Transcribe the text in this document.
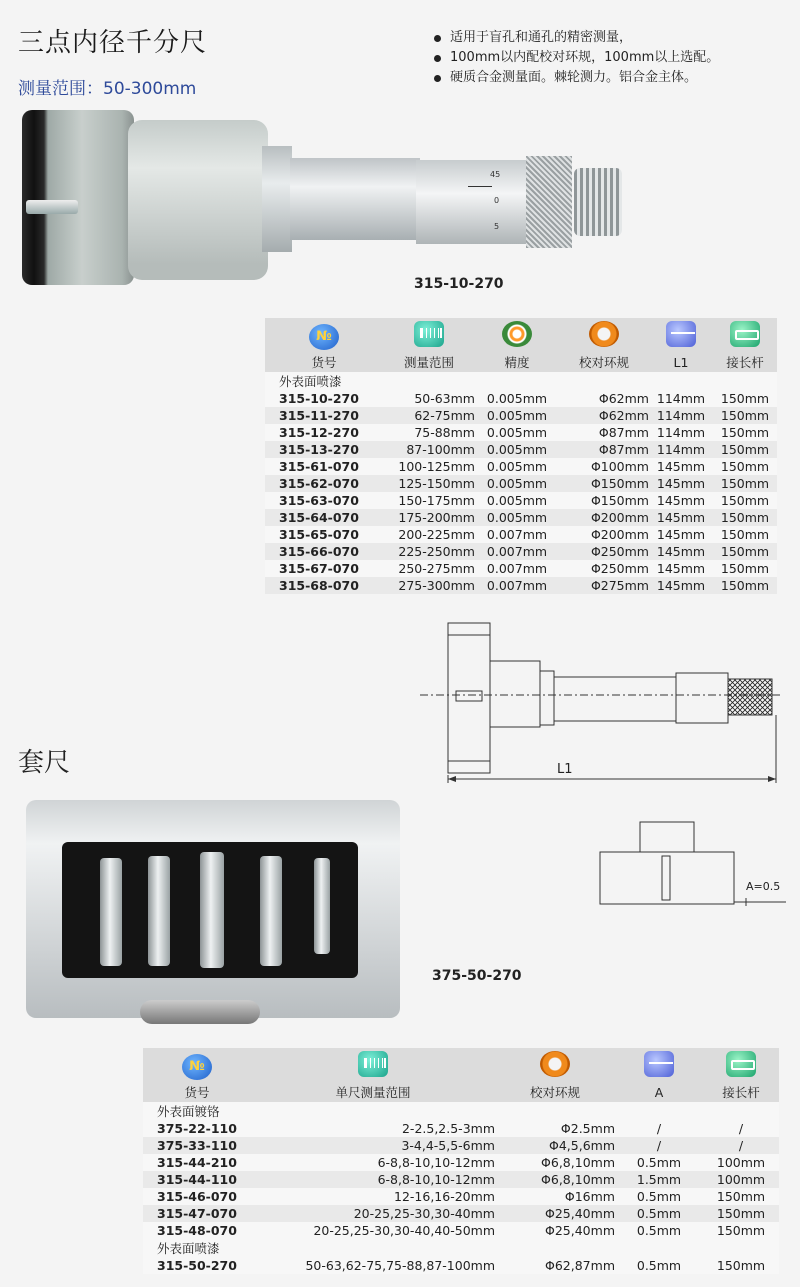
三点内径千分尺
测量范围：50-300mm
适用于盲孔和通孔的精密测量，
100mm以内配校对环规，100mm以上选配。
硬质合金测量面。棘轮测力。铝合金主体。
45
0
5
315-10-270
№					
货号	测量范围	精度	校对环规	L1	接长杆
外表面喷漆					
315-10-270	50-63mm	0.005mm	Φ62mm	114mm	150mm
315-11-270	62-75mm	0.005mm	Φ62mm	114mm	150mm
315-12-270	75-88mm	0.005mm	Φ87mm	114mm	150mm
315-13-270	87-100mm	0.005mm	Φ87mm	114mm	150mm
315-61-070	100-125mm	0.005mm	Φ100mm	145mm	150mm
315-62-070	125-150mm	0.005mm	Φ150mm	145mm	150mm
315-63-070	150-175mm	0.005mm	Φ150mm	145mm	150mm
315-64-070	175-200mm	0.005mm	Φ200mm	145mm	150mm
315-65-070	200-225mm	0.007mm	Φ200mm	145mm	150mm
315-66-070	225-250mm	0.007mm	Φ250mm	145mm	150mm
315-67-070	250-275mm	0.007mm	Φ250mm	145mm	150mm
315-68-070	275-300mm	0.007mm	Φ275mm	145mm	150mm
L1
套尺
375-50-270
A=0.5
№				
货号	单尺测量范围	校对环规	A	接长杆
外表面镀铬				
375-22-110	2-2.5,2.5-3mm	Φ2.5mm	/	/
375-33-110	3-4,4-5,5-6mm	Φ4,5,6mm	/	/
315-44-210	6-8,8-10,10-12mm	Φ6,8,10mm	0.5mm	100mm
315-44-110	6-8,8-10,10-12mm	Φ6,8,10mm	1.5mm	100mm
315-46-070	12-16,16-20mm	Φ16mm	0.5mm	150mm
315-47-070	20-25,25-30,30-40mm	Φ25,40mm	0.5mm	150mm
315-48-070	20-25,25-30,30-40,40-50mm	Φ25,40mm	0.5mm	150mm
外表面喷漆				
315-50-270	50-63,62-75,75-88,87-100mm	Φ62,87mm	0.5mm	150mm
